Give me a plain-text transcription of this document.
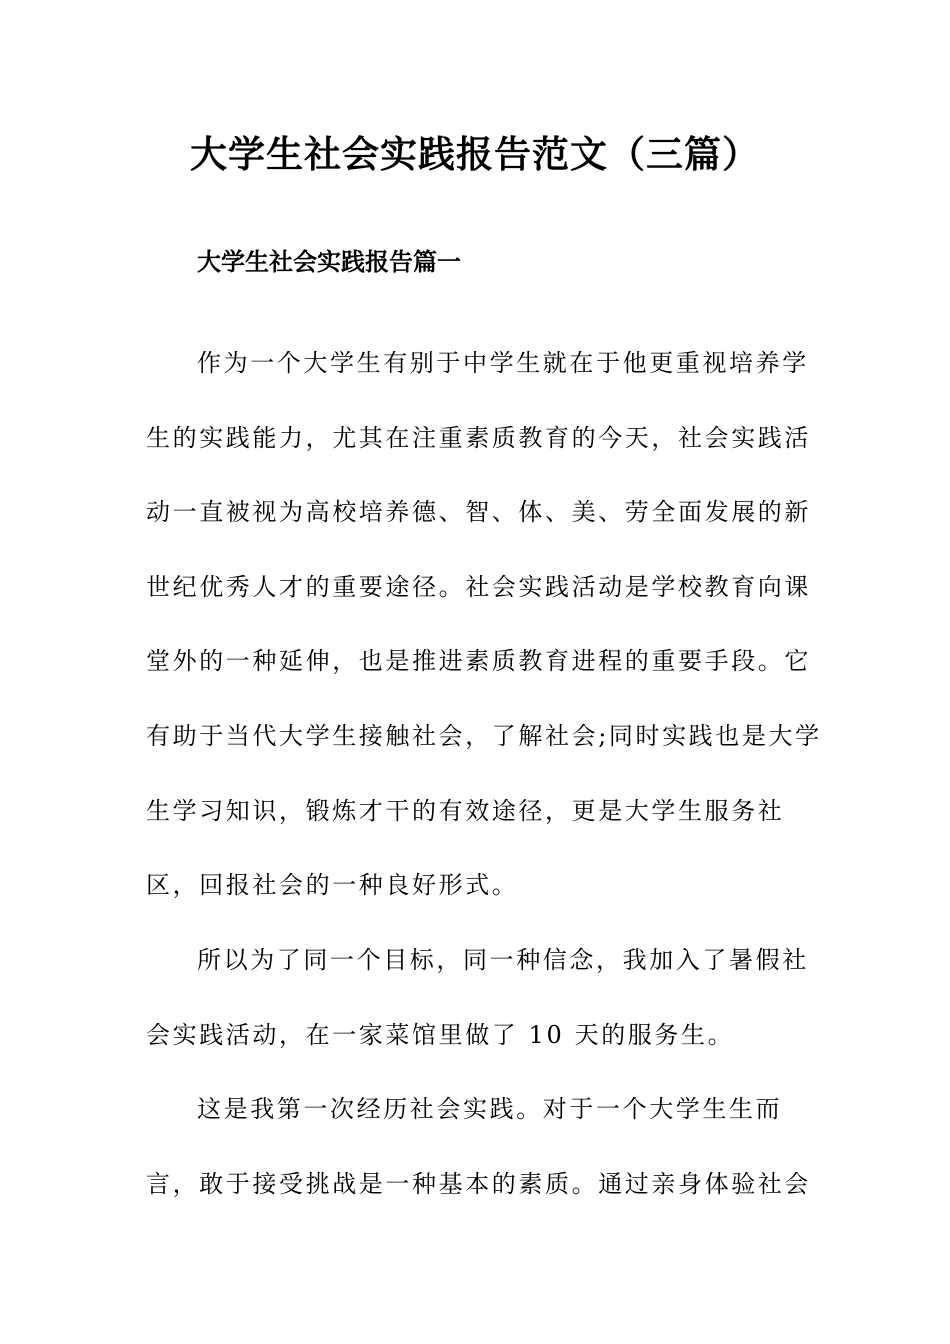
大学生社会实践报告范文（三篇）
大学生社会实践报告篇一
作为一个大学生有别于中学生就在于他更重视培养学
生的实践能力，尤其在注重素质教育的今天，社会实践活
动一直被视为高校培养德、智、体、美、劳全面发展的新
世纪优秀人才的重要途径。社会实践活动是学校教育向课
堂外的一种延伸，也是推进素质教育进程的重要手段。它
有助于当代大学生接触社会，了解社会;同时实践也是大学
生学习知识，锻炼才干的有效途径，更是大学生服务社
区，回报社会的一种良好形式。
所以为了同一个目标，同一种信念，我加入了暑假社
会实践活动，在一家菜馆里做了 10 天的服务生。
这是我第一次经历社会实践。对于一个大学生生而
言，敢于接受挑战是一种基本的素质。通过亲身体验社会
